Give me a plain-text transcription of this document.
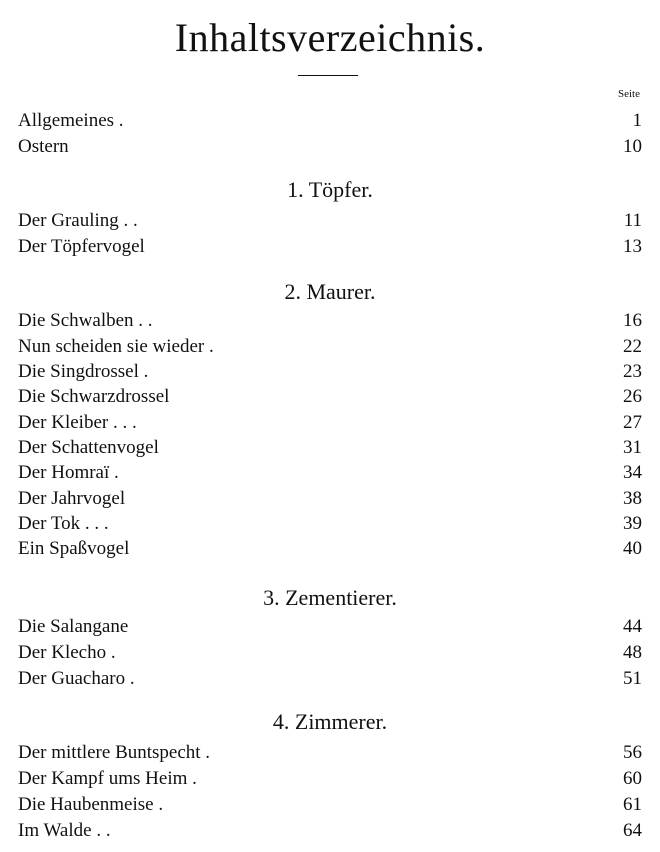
Inhaltsverzeichnis.
Seite
Allgemeines .	1
Ostern	10
1. Töpfer.
Der Grauling . .	11
Der Töpfervogel	13
2. Maurer.
Die Schwalben . .	16
Nun scheiden sie wieder .	22
Die Singdrossel .	23
Die Schwarzdrossel	26
Der Kleiber . . .	27
Der Schattenvogel	31
Der Homraï .	34
Der Jahrvogel	38
Der Tok . . .	39
Ein Spaßvogel	40
3. Zementierer.
Die Salangane	44
Der Klecho .	48
Der Guacharo .	51
4. Zimmerer.
Der mittlere Buntspecht .	56
Der Kampf ums Heim .	60
Die Haubenmeise .	61
Im Walde . .	64
